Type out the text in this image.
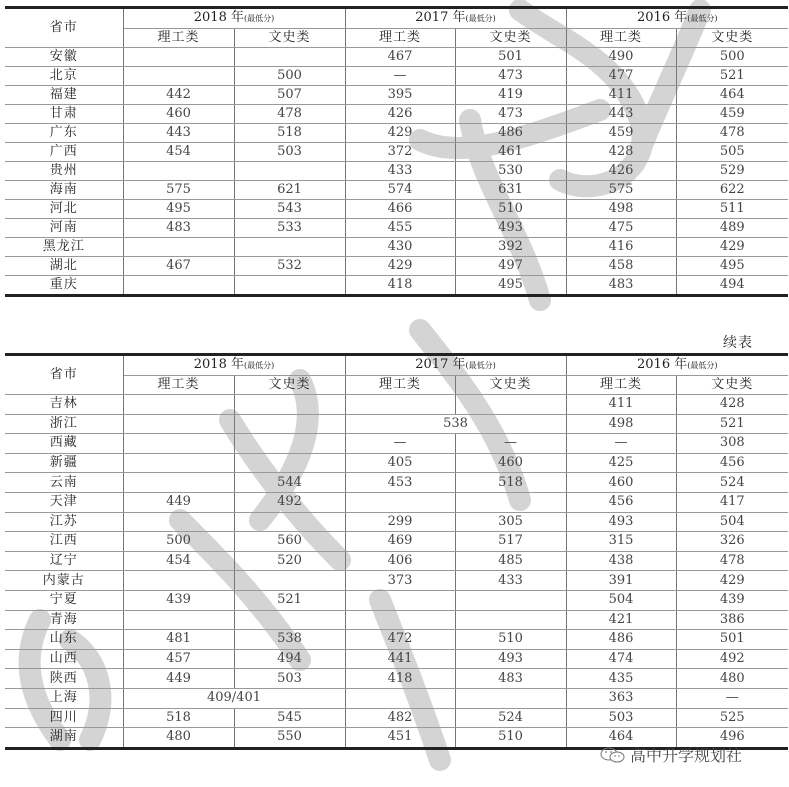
省市	2018 年(最低分)		2017 年(最低分)		2016 年(最低分)	
	理工类	文史类	理工类	文史类	理工类	文史类
安徽			467	501	490	500
北京		500	—	473	477	521
福建	442	507	395	419	411	464
甘肃	460	478	426	473	443	459
广东	443	518	429	486	459	478
广西	454	503	372	461	428	505
贵州			433	530	426	529
海南	575	621	574	631	575	622
河北	495	543	466	510	498	511
河南	483	533	455	493	475	489
黑龙江			430	392	416	429
湖北	467	532	429	497	458	495
重庆			418	495	483	494
续表
省市	2018 年(最低分)		2017 年(最低分)		2016 年(最低分)	
	理工类	文史类	理工类	文史类	理工类	文史类
吉林					411	428
浙江			538		498	521
西藏			—	—	—	308
新疆			405	460	425	456
云南		544	453	518	460	524
天津	449	492			456	417
江苏			299	305	493	504
江西	500	560	469	517	315	326
辽宁	454	520	406	485	438	478
内蒙古			373	433	391	429
宁夏	439	521			504	439
青海					421	386
山东	481	538	472	510	486	501
山西	457	494	441	493	474	492
陕西	449	503	418	483	435	480
上海	409/401				363	—
四川	518	545	482	524	503	525
湖南	480	550	451	510	464	496
高中升学规划社
